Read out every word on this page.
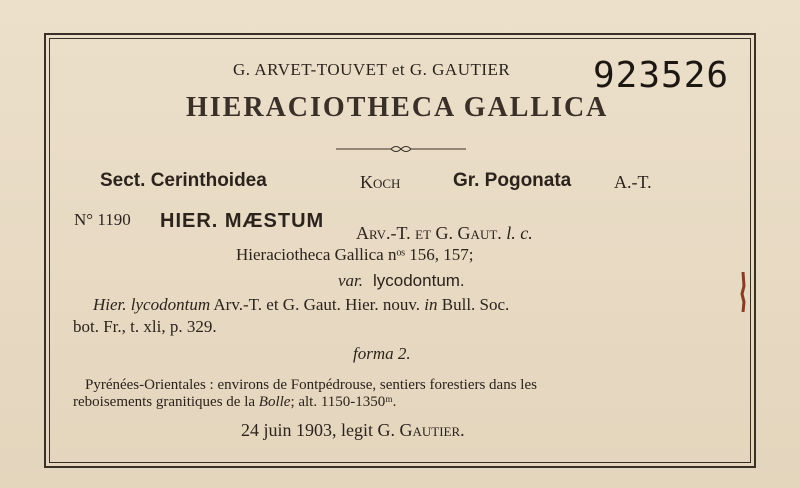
G. ARVET-TOUVET et G. GAUTIER 923526
HIERACIOTHECA GALLICA
Sect. Cerinthoidea	Koch	Gr. Pogonata A.-T.
N° 1190 HIER. MÆSTUM
Arv.-T. et G. Gaut. l. c.
Hieraciotheca Gallica nᵒˢ 156, 157;
var. lycodontum.
Hier. lycodontum Arv.-T. et G. Gaut. Hier. nouv. in Bull. Soc.
bot. Fr., t. xli, p. 329.
forma 2.
Pyrénées-Orientales : environs de Fontpédrouse, sentiers forestiers dans les
reboisements granitiques de la Bolle; alt. 1150-1350ᵐ.
24 juin 1903, legit G. Gautier.
